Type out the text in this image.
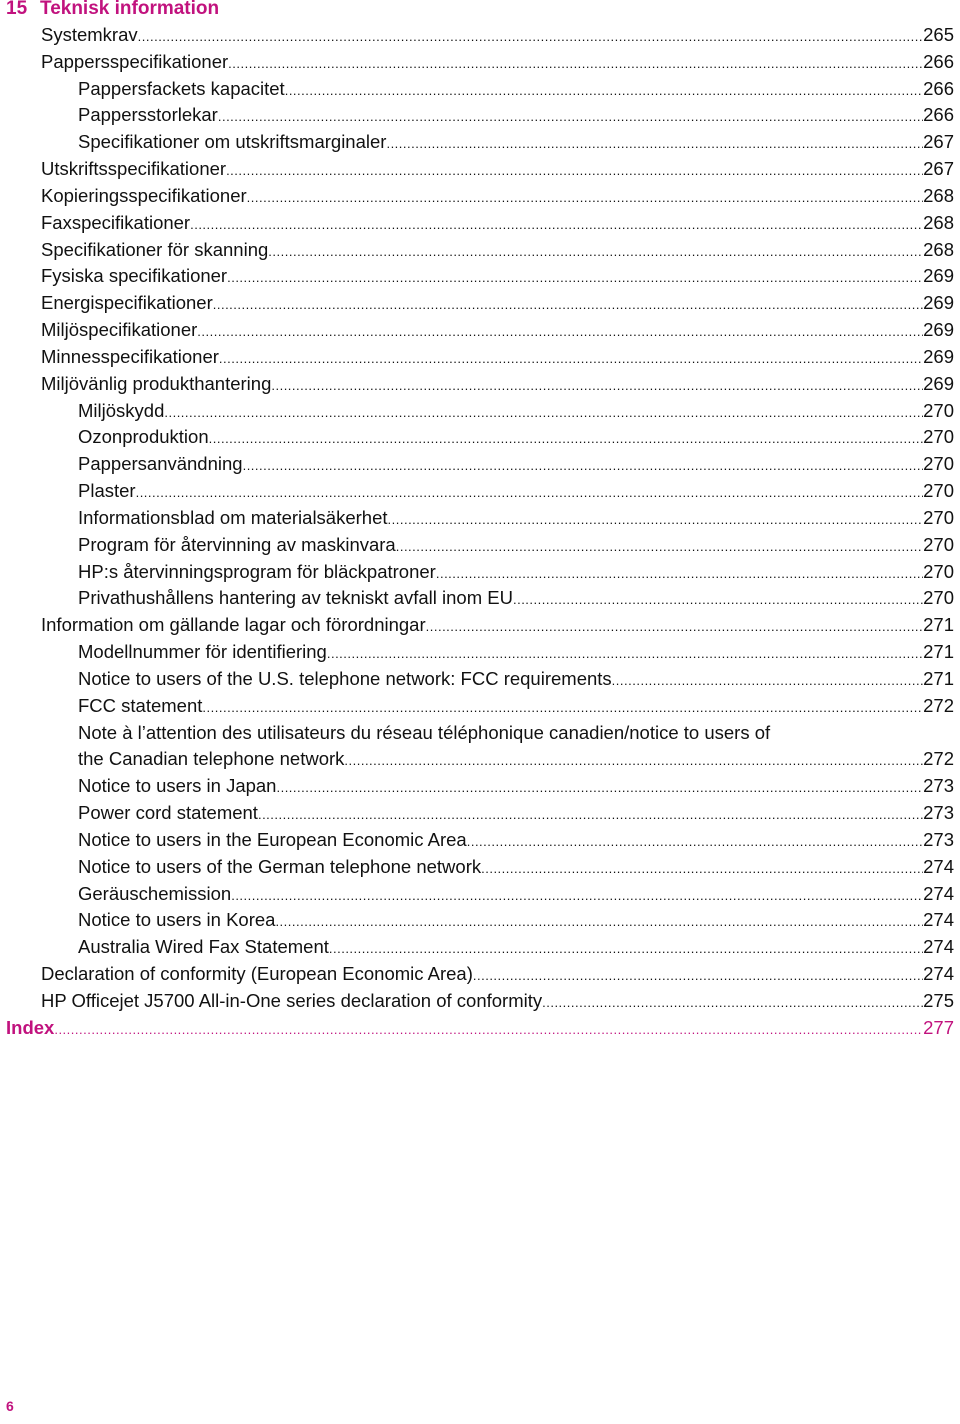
15 Teknisk information
Systemkrav .....	265
Pappersspecifikationer .....	266
Pappersfackets kapacitet .....	266
Pappersstorlekar .....	266
Specifikationer om utskriftsmarginaler .....	267
Utskriftsspecifikationer .....	267
Kopieringsspecifikationer .....	268
Faxspecifikationer .....	268
Specifikationer för skanning .....	268
Fysiska specifikationer .....	269
Energispecifikationer .....	269
Miljöspecifikationer .....	269
Minnesspecifikationer .....	269
Miljövänlig produkthantering .....	269
Miljöskydd .....	270
Ozonproduktion .....	270
Pappersanvändning .....	270
Plaster .....	270
Informationsblad om materialsäkerhet .....	270
Program för återvinning av maskinvara .....	270
HP:s återvinningsprogram för bläckpatroner .....	270
Privathushållens hantering av tekniskt avfall inom EU .....	270
Information om gällande lagar och förordningar .....	271
Modellnummer för identifiering .....	271
Notice to users of the U.S. telephone network: FCC requirements .....	271
FCC statement .....	272
Note à l’attention des utilisateurs du réseau téléphonique canadien/notice to users of
the Canadian telephone network .....	272
Notice to users in Japan .....	273
Power cord statement .....	273
Notice to users in the European Economic Area .....	273
Notice to users of the German telephone network .....	274
Geräuschemission .....	274
Notice to users in Korea .....	274
Australia Wired Fax Statement .....	274
Declaration of conformity (European Economic Area) .....	274
HP Officejet J5700 All-in-One series declaration of conformity .....	275
Index .....	277
6
